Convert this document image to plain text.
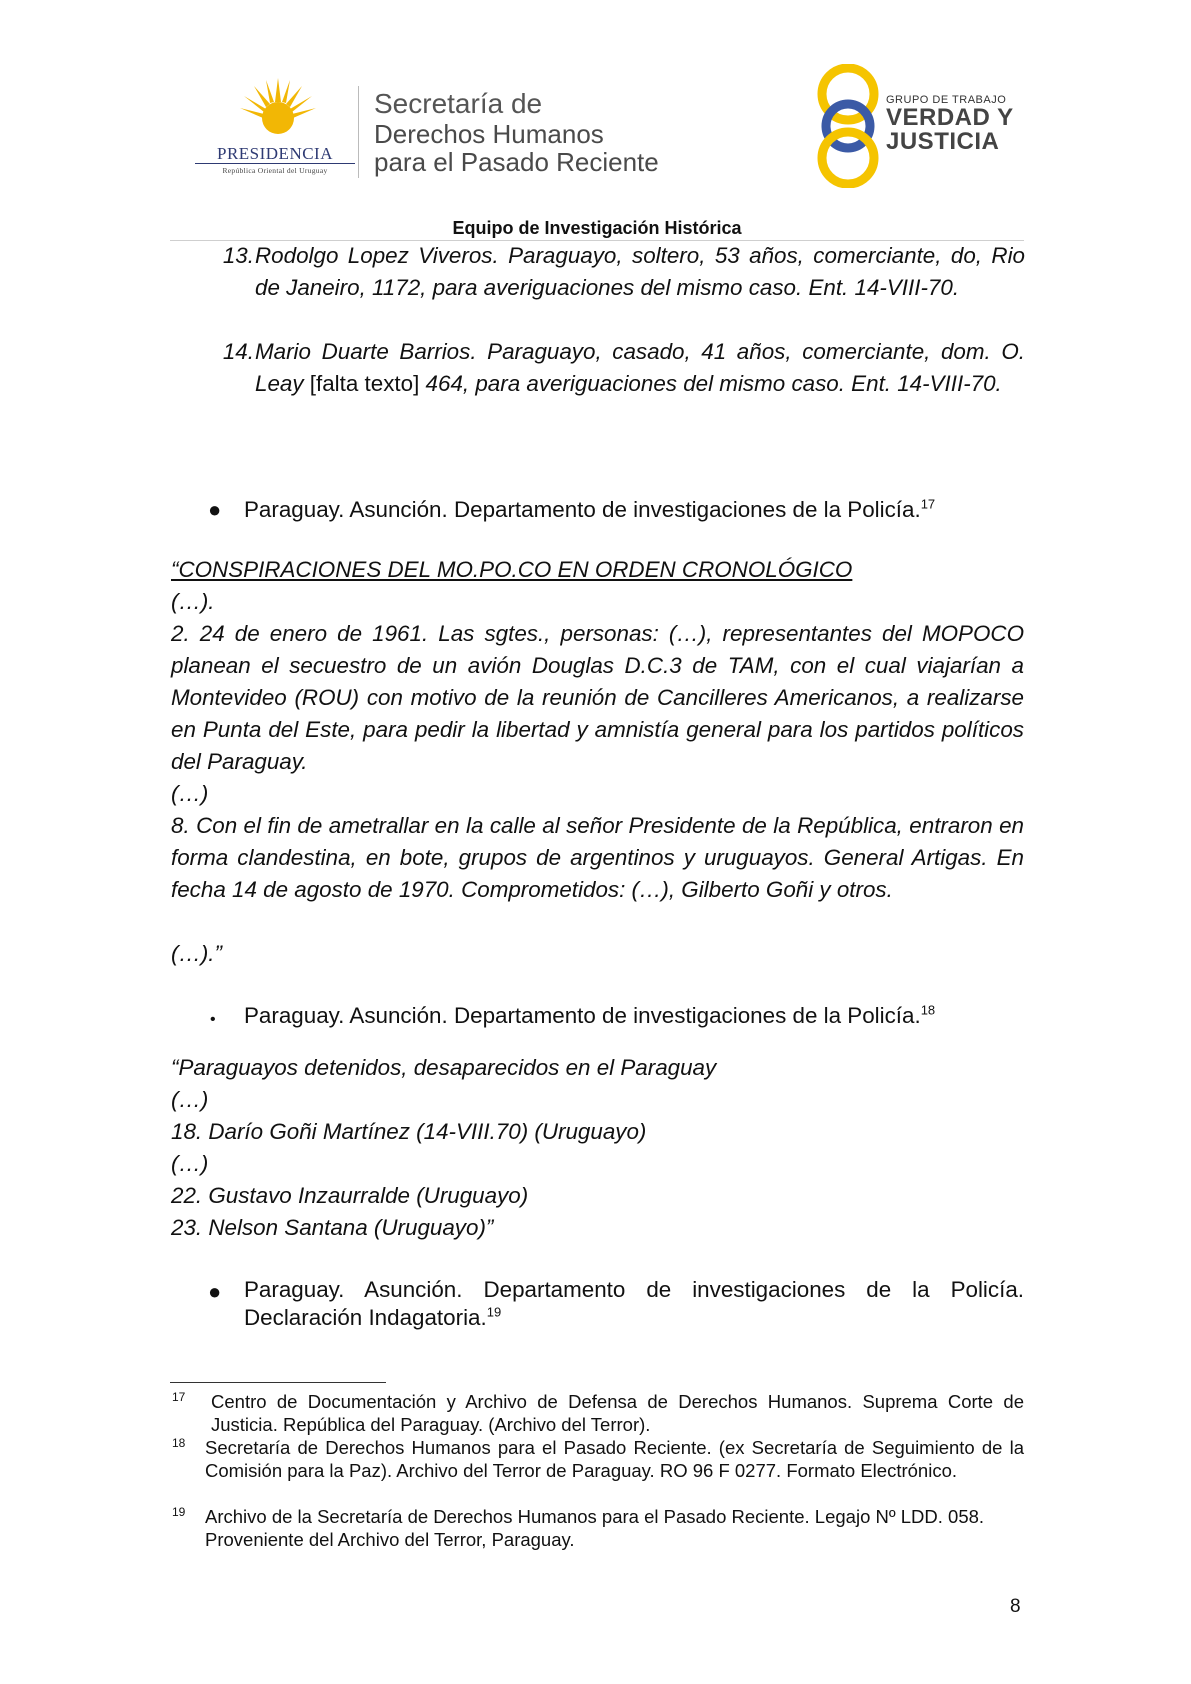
PRESIDENCIA
República Oriental del Uruguay
Secretaría de
Derechos Humanos
para el Pasado Reciente
GRUPO DE TRABAJO
VERDAD Y
JUSTICIA
Equipo de Investigación Histórica
13. Rodolgo Lopez Viveros. Paraguayo, soltero, 53 años, comerciante, do, Rio de Janeiro, 1172, para averiguaciones del mismo caso. Ent. 14-VIII-70.
14. Mario Duarte Barrios. Paraguayo, casado, 41 años, comerciante, dom. O. Leay [falta texto] 464, para averiguaciones del mismo caso. Ent. 14-VIII-70.
● Paraguay. Asunción. Departamento de investigaciones de la Policía.$^{17}$
“CONSPIRACIONES DEL MO.PO.CO EN ORDEN CRONOLÓGICO
(…).
2. 24 de enero de 1961. Las sgtes., personas: (…), representantes del MOPOCO planean el secuestro de un avión Douglas D.C.3 de TAM, con el cual viajarían a Montevideo (ROU) con motivo de la reunión de Cancilleres Americanos, a realizarse en Punta del Este, para pedir la libertad y amnistía general para los partidos políticos del Paraguay.
(…)
8. Con el fin de ametrallar en la calle al señor Presidente de la República, entraron en forma clandestina, en bote, grupos de argentinos y uruguayos. General Artigas. En fecha 14 de agosto de 1970. Comprometidos: (…), Gilberto Goñi y otros.
(…).”
• Paraguay. Asunción. Departamento de investigaciones de la Policía.$^{18}$
“Paraguayos detenidos, desaparecidos en el Paraguay
(…)
18. Darío Goñi Martínez (14-VIII.70) (Uruguayo)
(…)
22. Gustavo Inzaurralde (Uruguayo)
23. Nelson Santana (Uruguayo)”
● Paraguay. Asunción. Departamento de investigaciones de la Policía.
Declaración Indagatoria.$^{19}$
17 Centro de Documentación y Archivo de Defensa de Derechos Humanos. Suprema Corte de Justicia. República del Paraguay. (Archivo del Terror).
18 Secretaría de Derechos Humanos para el Pasado Reciente. (ex Secretaría de Seguimiento de la Comisión para la Paz). Archivo del Terror de Paraguay. RO 96 F 0277. Formato Electrónico.
19 Archivo de la Secretaría de Derechos Humanos para el Pasado Reciente. Legajo Nº LDD. 058. Proveniente del Archivo del Terror, Paraguay.
8
